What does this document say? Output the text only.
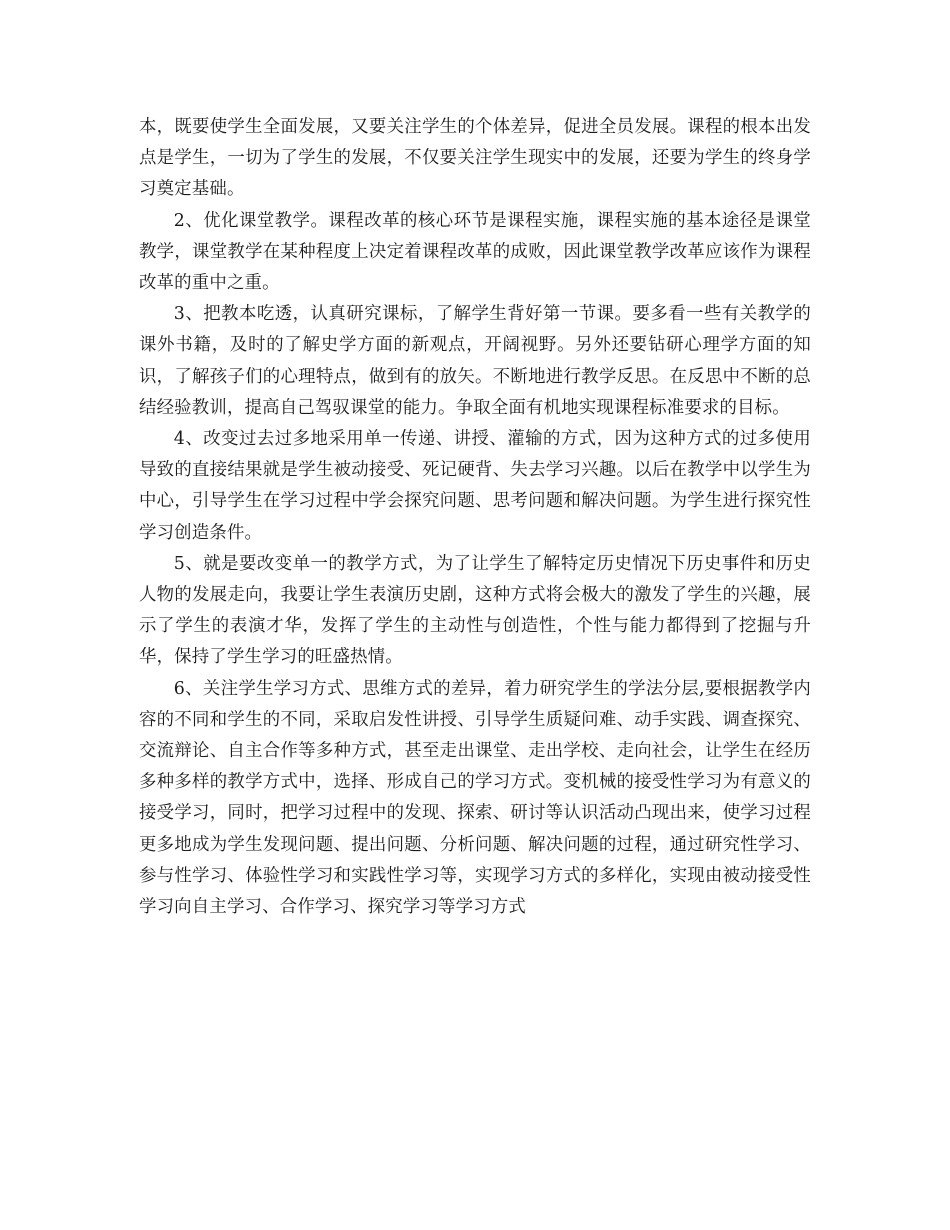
本，既要使学生全面发展，又要关注学生的个体差异，促进全员发展。课程的根本出发点是学生，一切为了学生的发展，不仅要关注学生现实中的发展，还要为学生的终身学习奠定基础。

2、优化课堂教学。课程改革的核心环节是课程实施，课程实施的基本途径是课堂教学，课堂教学在某种程度上决定着课程改革的成败，因此课堂教学改革应该作为课程改革的重中之重。

3、把教本吃透，认真研究课标，了解学生背好第一节课。要多看一些有关教学的课外书籍，及时的了解史学方面的新观点，开阔视野。另外还要钻研心理学方面的知识，了解孩子们的心理特点，做到有的放矢。不断地进行教学反思。在反思中不断的总结经验教训，提高自己驾驭课堂的能力。争取全面有机地实现课程标准要求的目标。

4、改变过去过多地采用单一传递、讲授、灌输的方式，因为这种方式的过多使用导致的直接结果就是学生被动接受、死记硬背、失去学习兴趣。以后在教学中以学生为中心，引导学生在学习过程中学会探究问题、思考问题和解决问题。为学生进行探究性学习创造条件。

5、就是要改变单一的教学方式，为了让学生了解特定历史情况下历史事件和历史人物的发展走向，我要让学生表演历史剧，这种方式将会极大的激发了学生的兴趣，展示了学生的表演才华，发挥了学生的主动性与创造性，个性与能力都得到了挖掘与升华，保持了学生学习的旺盛热情。

6、关注学生学习方式、思维方式的差异，着力研究学生的学法分层,要根据教学内容的不同和学生的不同，采取启发性讲授、引导学生质疑问难、动手实践、调查探究、交流辩论、自主合作等多种方式，甚至走出课堂、走出学校、走向社会，让学生在经历多种多样的教学方式中，选择、形成自己的学习方式。变机械的接受性学习为有意义的接受学习，同时，把学习过程中的发现、探索、研讨等认识活动凸现出来，使学习过程更多地成为学生发现问题、提出问题、分析问题、解决问题的过程，通过研究性学习、参与性学习、体验性学习和实践性学习等，实现学习方式的多样化，实现由被动接受性学习向自主学习、合作学习、探究学习等学习方式
